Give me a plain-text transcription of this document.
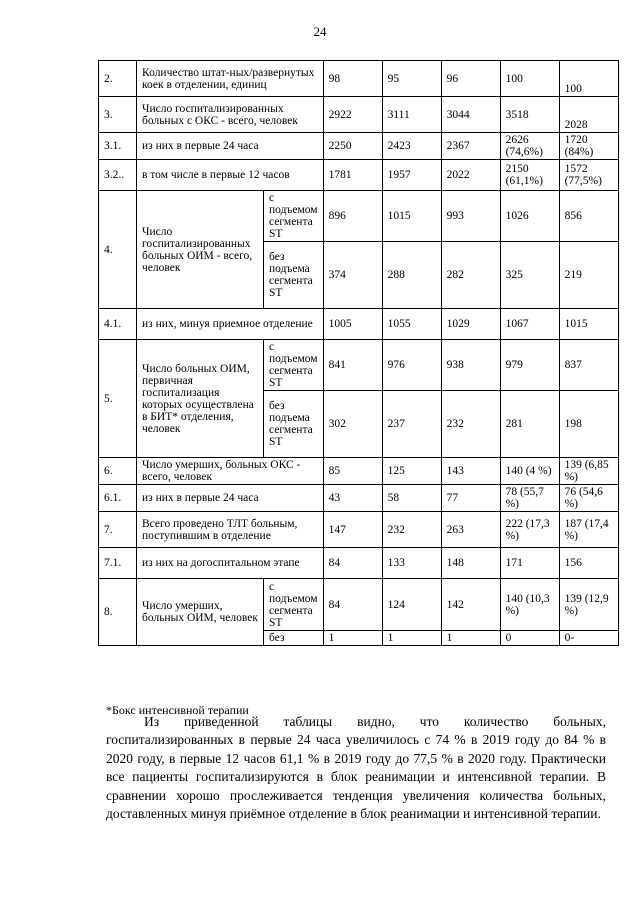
24
2.	Количество штат-ных/развернутых коек в отделении, единиц		98	95	96	100	100
3.	Число госпитализированных больных с ОКС - всего, человек		2922	3111	3044	3518	2028
3.1.	из них в первые 24 часа		2250	2423	2367	2626 (74,6%)	1720 (84%)
3.2..	в том числе в первые 12 часов		1781	1957	2022	2150 (61,1%)	1572 (77,5%)
4.	Число госпитализированных больных ОИМ - всего, человек	с подъемом сегмента ST	896	1015	993	1026	856
		без подъема сегмента ST	374	288	282	325	219
4.1.	из них, минуя приемное отделение		1005	1055	1029	1067	1015
5.	Число больных ОИМ, первичная госпитализация которых осуществлена в БИТ* отделения, человек	с подъемом сегмента ST	841	976	938	979	837
		без подъема сегмента ST	302	237	232	281	198
6.	Число умерших, больных ОКС - всего, человек		85	125	143	140 (4 %)	139 (6,85 %)
6.1.	из них в первые 24 часа		43	58	77	78 (55,7 %)	76 (54,6 %)
7.	Всего проведено ТЛТ больным, поступившим в отделение		147	232	263	222 (17,3 %)	187 (17,4 %)
7.1.	из них на догоспитальном этапе		84	133	148	171	156
8.	Число умерших, больных ОИМ, человек	с подъемом сегмента ST	84	124	142	140 (10,3 %)	139 (12,9 %)
		без	1	1	1	0	0-
*Бокс интенсивной терапии
Из приведенной таблицы видно, что количество больных, госпитализированных в первые 24 часа увеличилось с 74 % в 2019 году до 84 % в 2020 году, в первые 12 часов 61,1 % в 2019 году до 77,5 % в 2020 году. Практически все пациенты госпитализируются в блок реанимации и интенсивной терапии. В сравнении хорошо прослеживается тенденция увеличения количества больных, доставленных минуя приёмное отделение в блок реанимации и интенсивной терапии.
